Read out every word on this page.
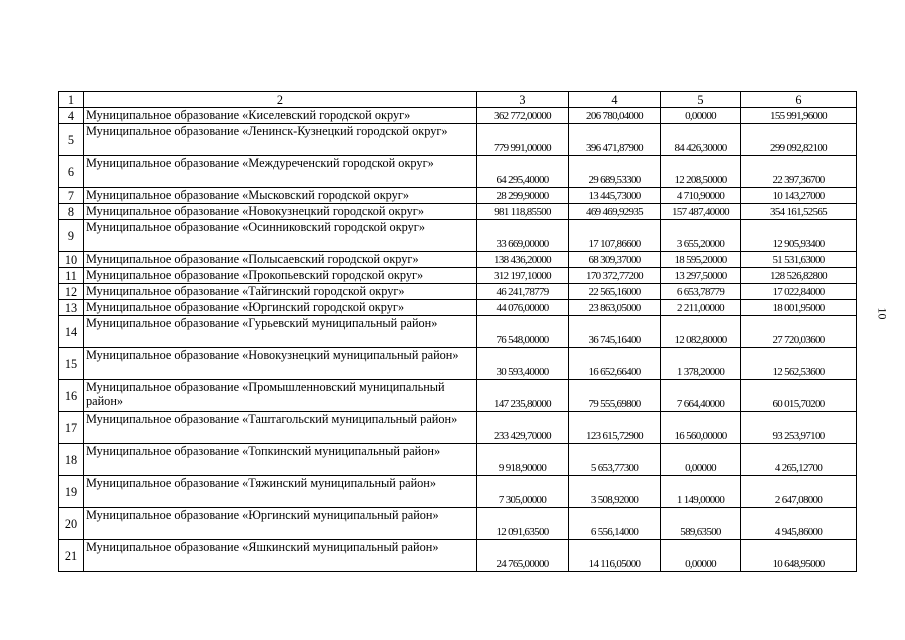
1	2	3	4	5	6
4	Муниципальное образование «Киселевский городской округ»	362 772,00000	206 780,04000	0,00000	155 991,96000
5	Муниципальное образование «Ленинск-Кузнецкий городской округ»	779 991,00000	396 471,87900	84 426,30000	299 092,82100
6	Муниципальное образование «Междуреченский городской округ»	64 295,40000	29 689,53300	12 208,50000	22 397,36700
7	Муниципальное образование «Мысковский городской округ»	28 299,90000	13 445,73000	4 710,90000	10 143,27000
8	Муниципальное образование «Новокузнецкий городской округ»	981 118,85500	469 469,92935	157 487,40000	354 161,52565
9	Муниципальное образование «Осинниковский городской округ»	33 669,00000	17 107,86600	3 655,20000	12 905,93400
10	Муниципальное образование «Полысаевский городской округ»	138 436,20000	68 309,37000	18 595,20000	51 531,63000
11	Муниципальное образование «Прокопьевский городской округ»	312 197,10000	170 372,77200	13 297,50000	128 526,82800
12	Муниципальное образование «Тайгинский городской округ»	46 241,78779	22 565,16000	6 653,78779	17 022,84000
13	Муниципальное образование «Юргинский городской округ»	44 076,00000	23 863,05000	2 211,00000	18 001,95000
14	Муниципальное образование «Гурьевский муниципальный район»	76 548,00000	36 745,16400	12 082,80000	27 720,03600
15	Муниципальное образование «Новокузнецкий муниципальный район»	30 593,40000	16 652,66400	1 378,20000	12 562,53600
16	Муниципальное образование «Промышленновский муниципальный район»	147 235,80000	79 555,69800	7 664,40000	60 015,70200
17	Муниципальное образование «Таштагольский муниципальный район»	233 429,70000	123 615,72900	16 560,00000	93 253,97100
18	Муниципальное образование «Топкинский муниципальный район»	9 918,90000	5 653,77300	0,00000	4 265,12700
19	Муниципальное образование «Тяжинский муниципальный район»	7 305,00000	3 508,92000	1 149,00000	2 647,08000
20	Муниципальное образование «Юргинский муниципальный район»	12 091,63500	6 556,14000	589,63500	4 945,86000
21	Муниципальное образование «Яшкинский муниципальный район»	24 765,00000	14 116,05000	0,00000	10 648,95000
10
